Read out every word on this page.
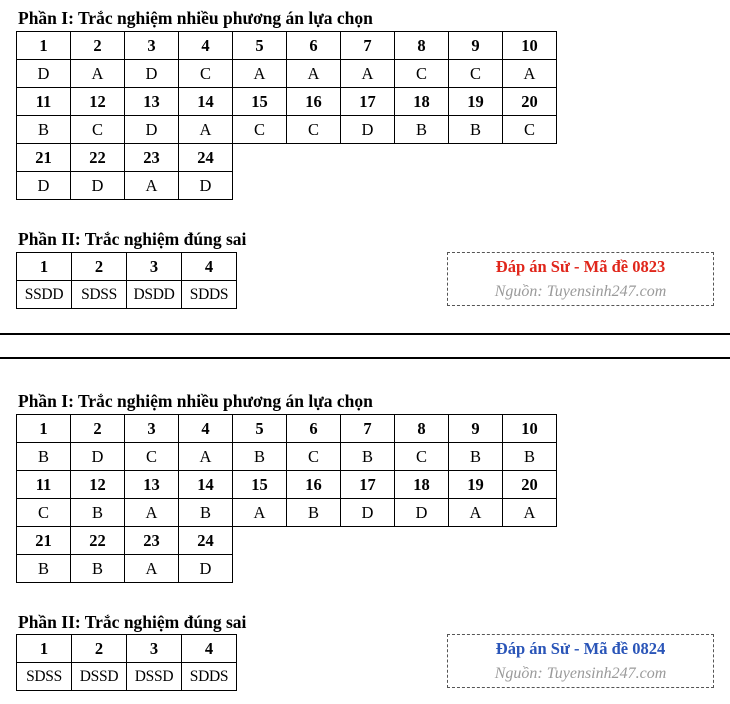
Phần I: Trắc nghiệm nhiều phương án lựa chọn
1	2	3	4	5	6	7	8	9	10
D	A	D	C	A	A	A	C	C	A
11	12	13	14	15	16	17	18	19	20
B	C	D	A	C	C	D	B	B	C
21	22	23	24						
D	D	A	D						
Phần II: Trắc nghiệm đúng sai
1	2	3	4
SSDD	SDSS	DSDD	SDDS
Đáp án Sử - Mã đề 0823
Nguồn: Tuyensinh247.com
Phần I: Trắc nghiệm nhiều phương án lựa chọn
1	2	3	4	5	6	7	8	9	10
B	D	C	A	B	C	B	C	B	B
11	12	13	14	15	16	17	18	19	20
C	B	A	B	A	B	D	D	A	A
21	22	23	24						
B	B	A	D						
Phần II: Trắc nghiệm đúng sai
1	2	3	4
SDSS	DSSD	DSSD	SDDS
Đáp án Sử - Mã đề 0824
Nguồn: Tuyensinh247.com
